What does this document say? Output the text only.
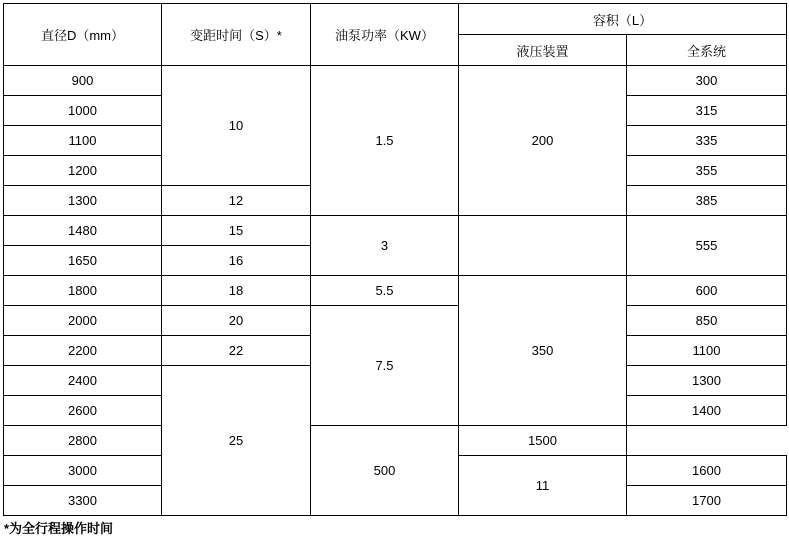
直径D（mm）	变距时间（S）*	油泵功率（KW）	容积（L）	
			液压装置	全系统
900	10	1.5	200	300
1000				315
1100				335
1200				355
1300	12			385
1480	15	3		555
1650	16			
1800	18	5.5	350	600
2000	20	7.5		850
2200	22			1100
2400	25			1300
2600				1400
2800		500	1500	
3000			11	1600
3300				1700
*为全行程操作时间
